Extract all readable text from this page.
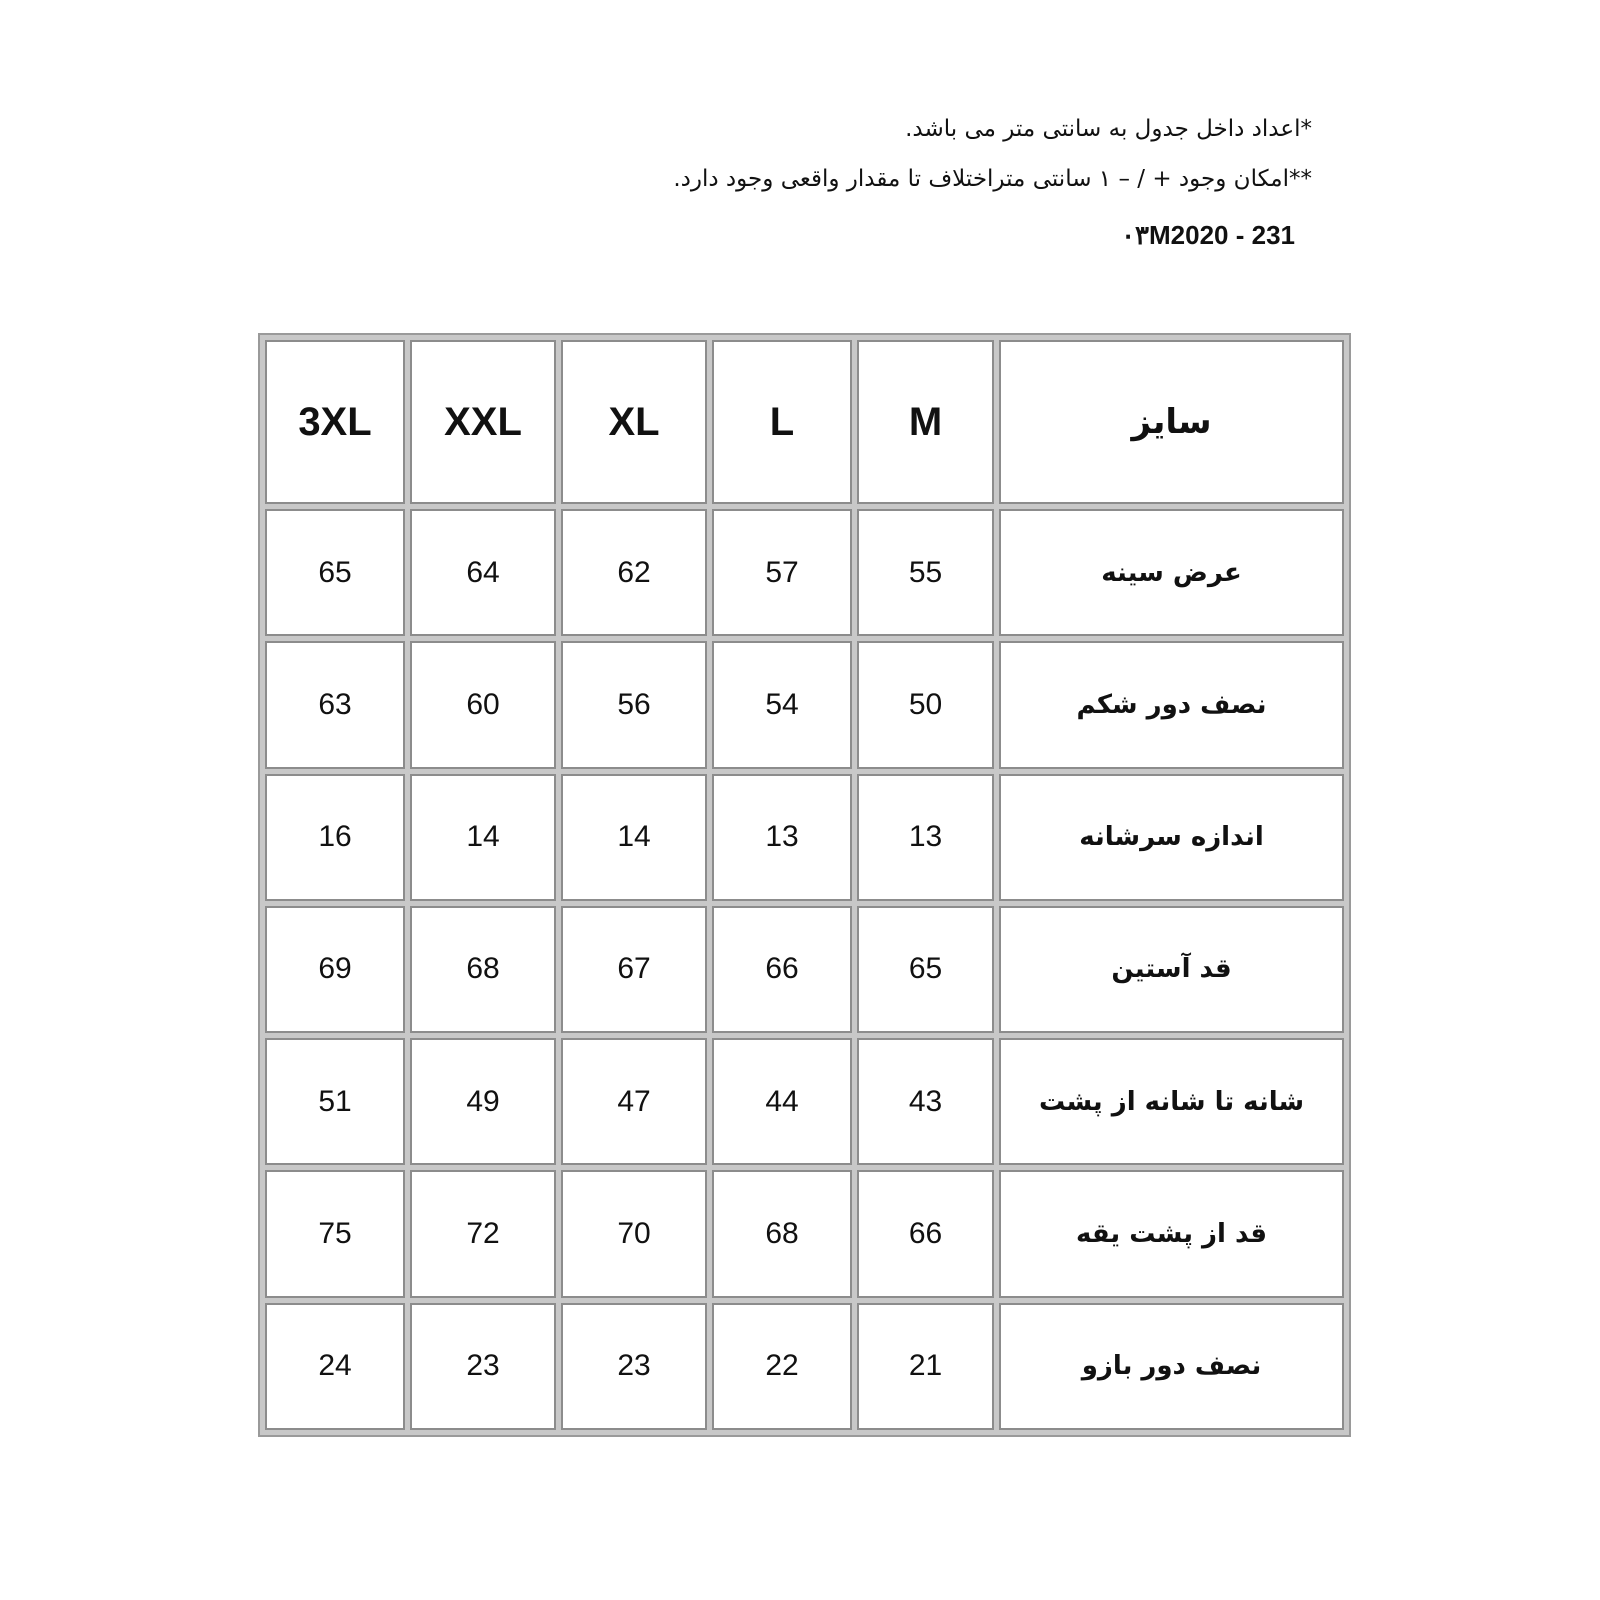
*اعداد داخل جدول به سانتی متر می باشد.
**امکان وجود + / – ۱ سانتی متراختلاف تا مقدار واقعی وجود دارد.
۰۳M2020 - 231
سایز	M	L	XL	XXL	3XL
عرض سینه	55	57	62	64	65
نصف دور شکم	50	54	56	60	63
اندازه سرشانه	13	13	14	14	16
قد آستین	65	66	67	68	69
شانه تا شانه از پشت	43	44	47	49	51
قد از پشت یقه	66	68	70	72	75
نصف دور بازو	21	22	23	23	24
